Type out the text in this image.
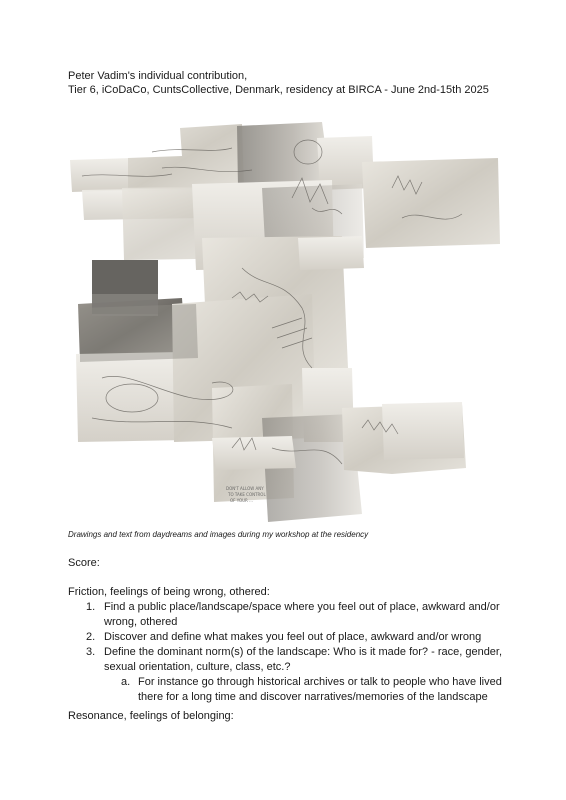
Peter Vadim's individual contribution,
Tier 6, iCoDaCo, CuntsCollective, Denmark, residency at BIRCA - June 2nd-15th 2025
DON'T ALLOW ANY
TO TAKE CONTROL
OF YOUR ...
Drawings and text from daydreams and images during my workshop at the residency
Score:
Friction, feelings of being wrong, othered:
1. Find a public place/landscape/space where you feel out of place, awkward and/or
wrong, othered
2. Discover and define what makes you feel out of place, awkward and/or wrong
3. Define the dominant norm(s) of the landscape: Who is it made for? - race, gender,
sexual orientation, culture, class, etc.?
a. For instance go through historical archives or talk to people who have lived
there for a long time and discover narratives/memories of the landscape
Resonance, feelings of belonging:
